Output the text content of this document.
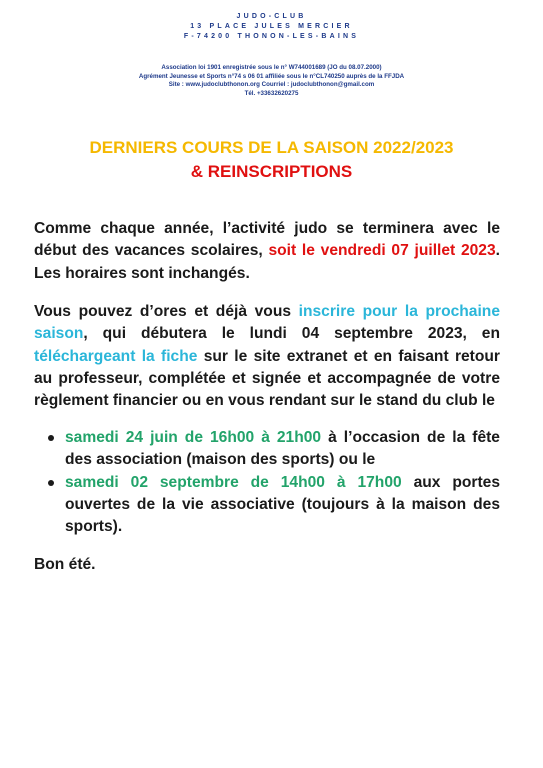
JUDO-CLUB
13 PLACE JULES MERCIER
F-74200 THONON-LES-BAINS
Association loi 1901 enregistrée sous le n° W744001689 (JO du 08.07.2000)
Agrément Jeunesse et Sports n°74 s 06 01 affiliée sous le n°CL740250 auprès de la FFJDA
Site : www.judoclubthonon.org Courriel : judoclubthonon@gmail.com
Tél. +33632620275
DERNIERS COURS DE LA SAISON 2022/2023
& REINSCRIPTIONS
Comme chaque année, l’activité judo se terminera avec le début des vacances scolaires, soit le vendredi 07 juillet 2023. Les horaires sont inchangés.
Vous pouvez d’ores et déjà vous inscrire pour la prochaine saison, qui débutera le lundi 04 septembre 2023, en téléchargeant la fiche sur le site extranet et en faisant retour au professeur, complétée et signée et accompagnée de votre règlement financier ou en vous rendant sur le stand du club le
samedi 24 juin de 16h00 à 21h00 à l’occasion de la fête des association (maison des sports) ou le
samedi 02 septembre de 14h00 à 17h00 aux portes ouvertes de la vie associative (toujours à la maison des sports).
Bon été.
